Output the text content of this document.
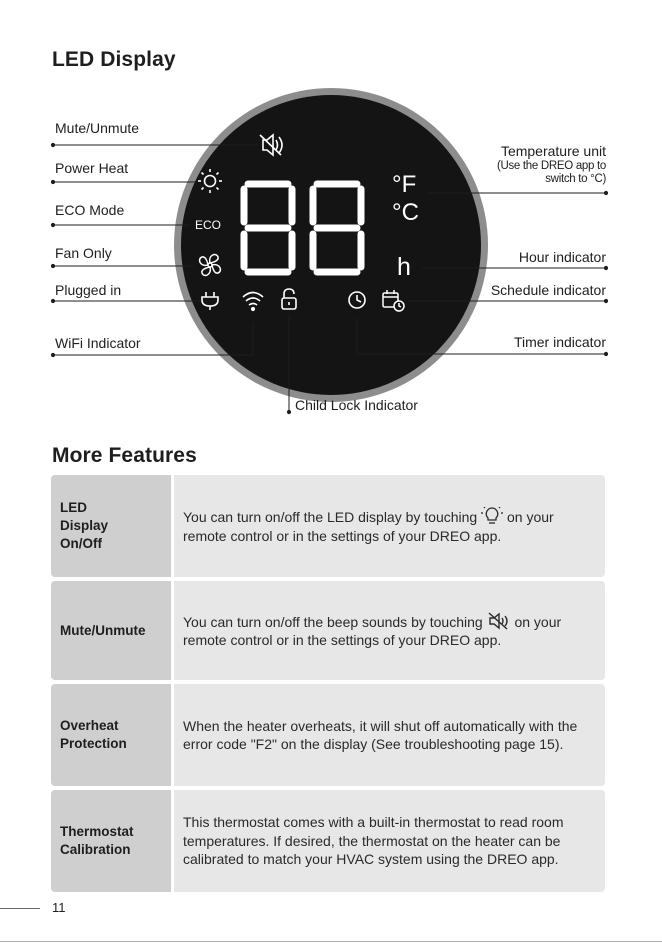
LED Display
°F
°C
h
ECO
Mute/Unmute
Power Heat
ECO Mode
Fan Only
Plugged in
WiFi Indicator
Child Lock Indicator
Temperature unit
(Use the DREO app to
switch to °C)
Hour indicator
Schedule indicator
Timer indicator
More Features
LED Display On/Off
You can turn on/off the LED display by touching on your remote control or in the settings of your DREO app.
Mute/Unmute
You can turn on/off the beep sounds by touching on your remote control or in the settings of your DREO app.
Overheat Protection
When the heater overheats, it will shut off automatically with the error code "F2" on the display (See troubleshooting page 15).
Thermostat Calibration
This thermostat comes with a built-in thermostat to read room temperatures. If desired, the thermostat on the heater can be calibrated to match your HVAC system using the DREO app.
11
